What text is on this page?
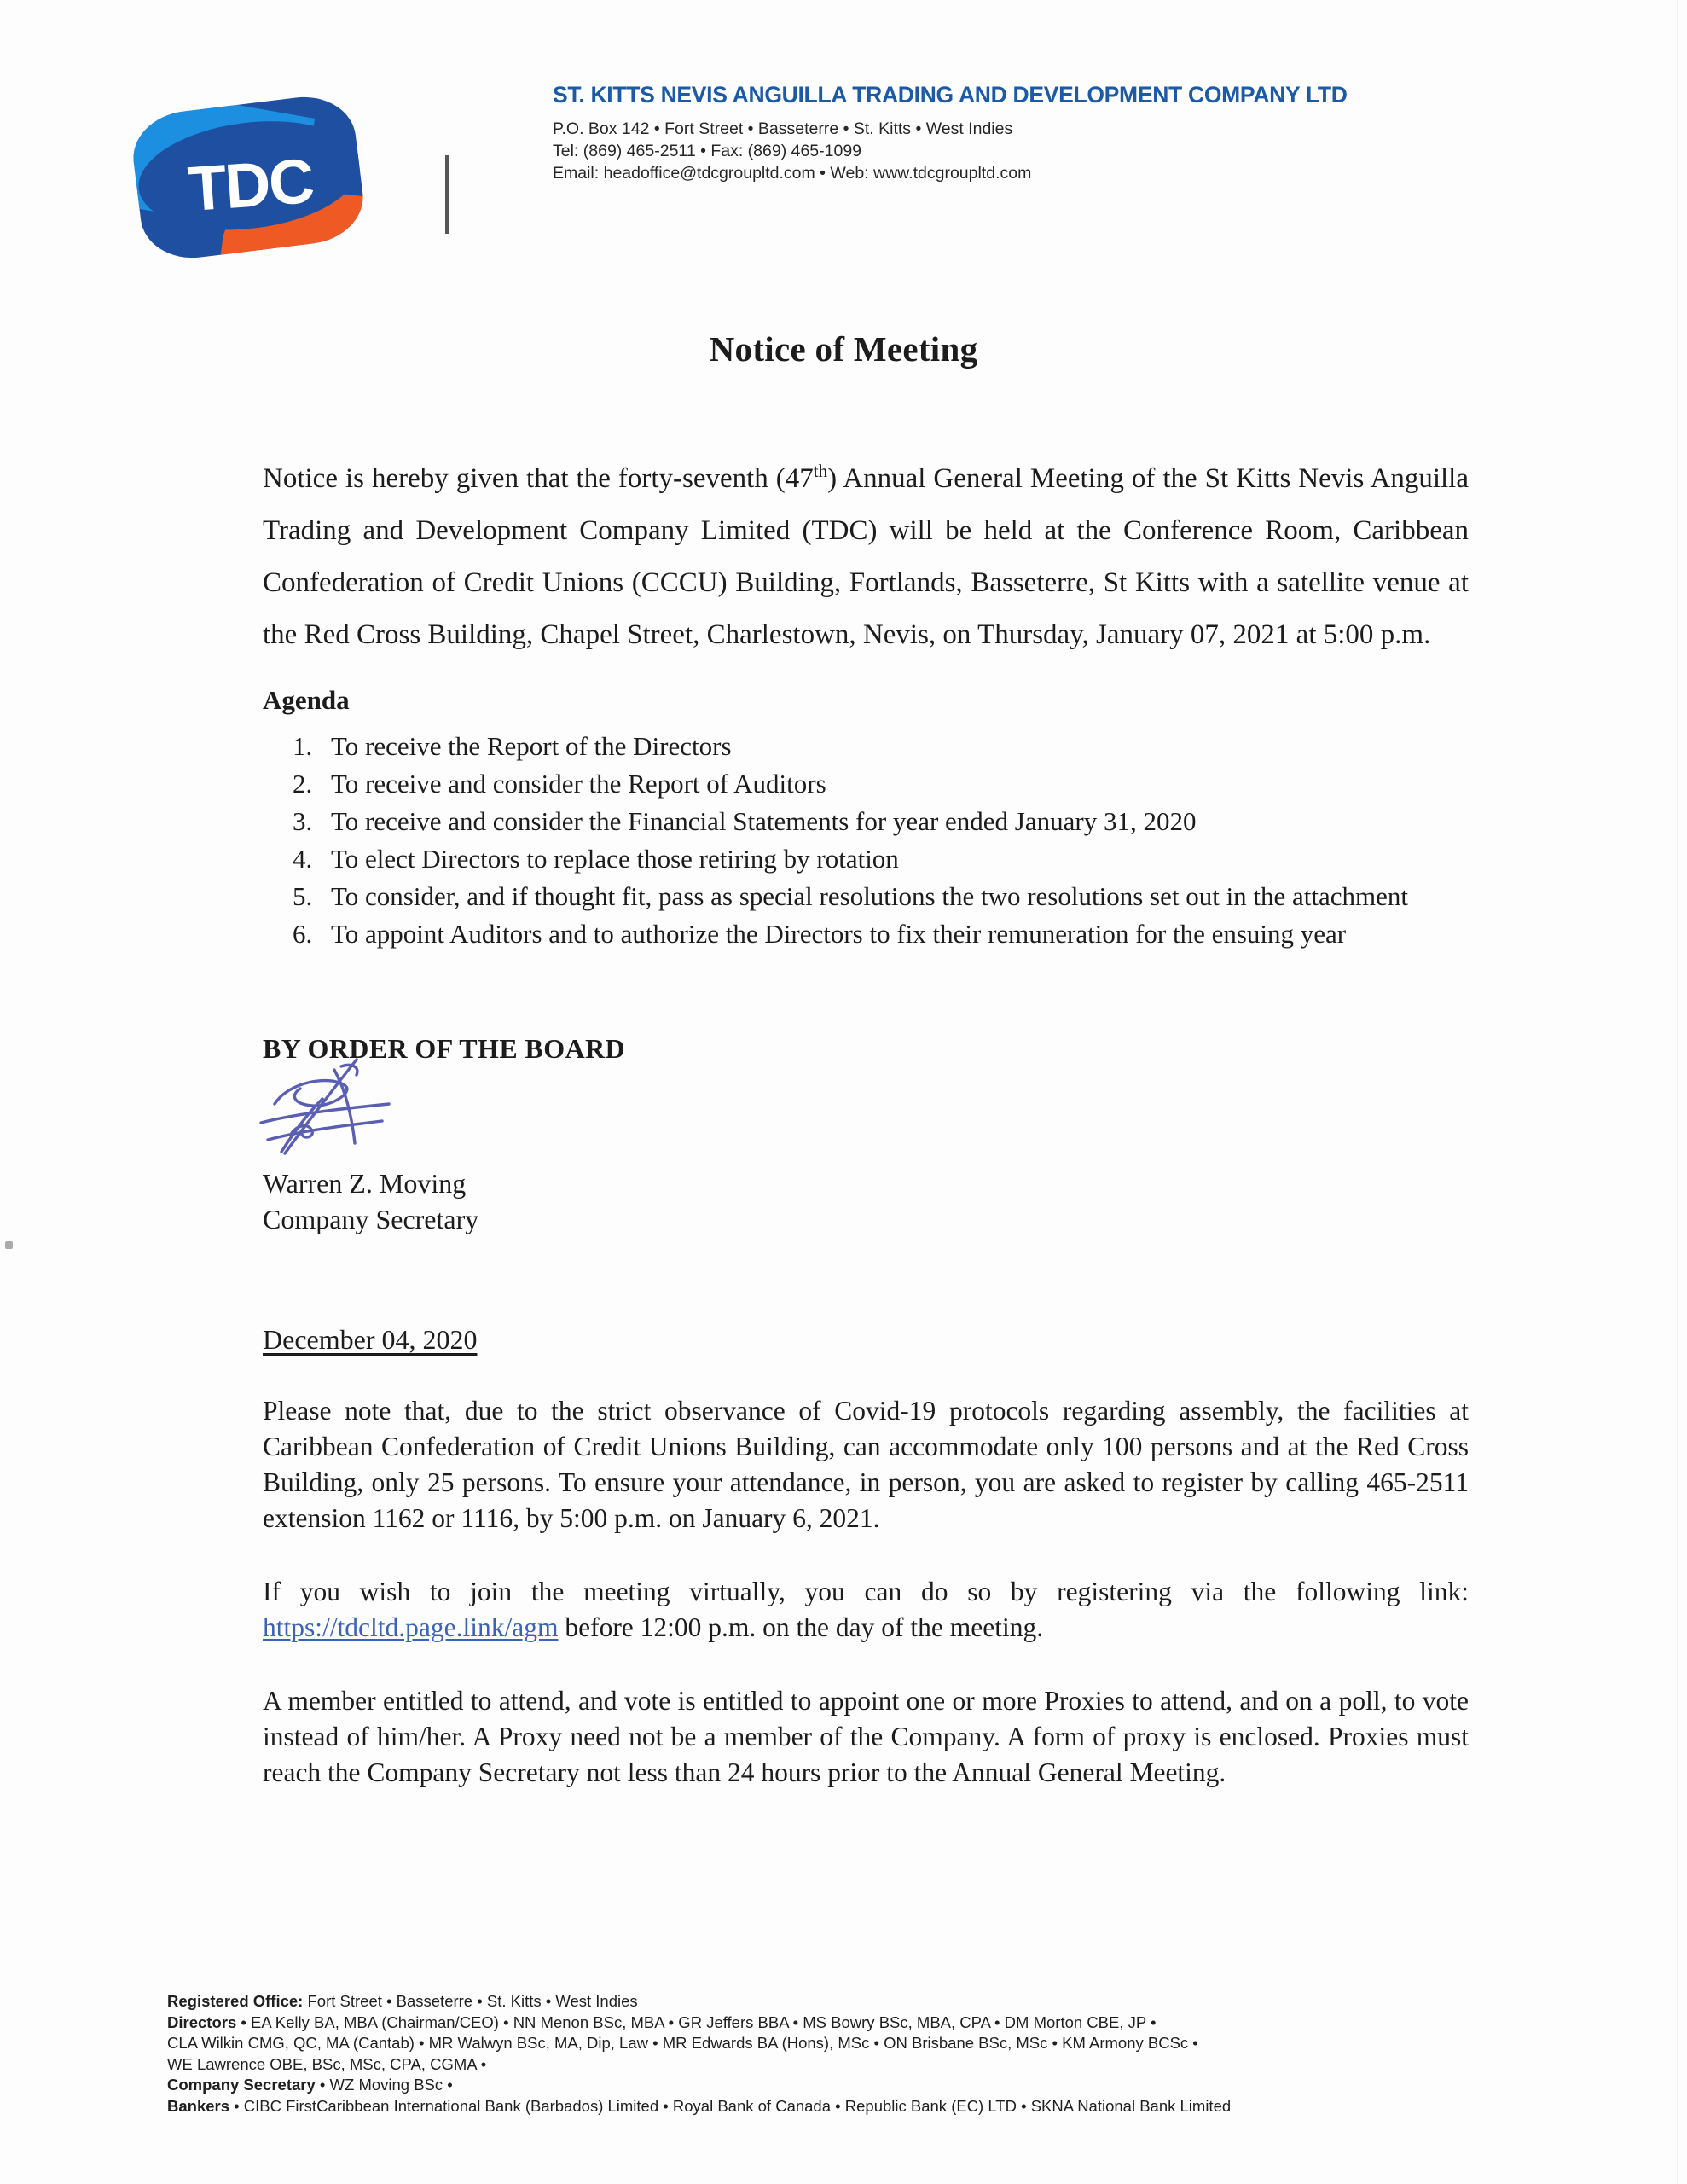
TDC
ST. KITTS NEVIS ANGUILLA TRADING AND DEVELOPMENT COMPANY LTD
P.O. Box 142 • Fort Street • Basseterre • St. Kitts • West Indies
Tel: (869) 465-2511 • Fax: (869) 465-1099
Email: headoffice@tdcgroupltd.com • Web: www.tdcgroupltd.com
Notice of Meeting

Notice is hereby given that the forty-seventh (47th) Annual General Meeting of the St Kitts Nevis Anguilla Trading and Development Company Limited (TDC) will be held at the Conference Room, Caribbean Confederation of Credit Unions (CCCU) Building, Fortlands, Basseterre, St Kitts with a satellite venue at the Red Cross Building, Chapel Street, Charlestown, Nevis, on Thursday, January 07, 2021 at 5:00 p.m.

Agenda

1. To receive the Report of the Directors
2. To receive and consider the Report of Auditors
3. To receive and consider the Financial Statements for year ended January 31, 2020
4. To elect Directors to replace those retiring by rotation
5. To consider, and if thought fit, pass as special resolutions the two resolutions set out in the attachment
6. To appoint Auditors and to authorize the Directors to fix their remuneration for the ensuing year

BY ORDER OF THE BOARD

Warren Z. Moving

Company Secretary

December 04, 2020

Please note that, due to the strict observance of Covid-19 protocols regarding assembly, the facilities at Caribbean Confederation of Credit Unions Building, can accommodate only 100 persons and at the Red Cross Building, only 25 persons. To ensure your attendance, in person, you are asked to register by calling 465-2511 extension 1162 or 1116, by 5:00 p.m. on January 6, 2021.

If you wish to join the meeting virtually, you can do so by registering via the following link: https://tdcltd.page.link/agm before 12:00 p.m. on the day of the meeting.

A member entitled to attend, and vote is entitled to appoint one or more Proxies to attend, and on a poll, to vote instead of him/her. A Proxy need not be a member of the Company. A form of proxy is enclosed. Proxies must reach the Company Secretary not less than 24 hours prior to the Annual General Meeting.

Registered Office: Fort Street • Basseterre • St. Kitts • West Indies
Directors • EA Kelly BA, MBA (Chairman/CEO) • NN Menon BSc, MBA • GR Jeffers BBA • MS Bowry BSc, MBA, CPA • DM Morton CBE, JP •
CLA Wilkin CMG, QC, MA (Cantab) • MR Walwyn BSc, MA, Dip, Law • MR Edwards BA (Hons), MSc • ON Brisbane BSc, MSc • KM Armony BCSc •
WE Lawrence OBE, BSc, MSc, CPA, CGMA •
Company Secretary • WZ Moving BSc •
Bankers • CIBC FirstCaribbean International Bank (Barbados) Limited • Royal Bank of Canada • Republic Bank (EC) LTD • SKNA National Bank Limited
